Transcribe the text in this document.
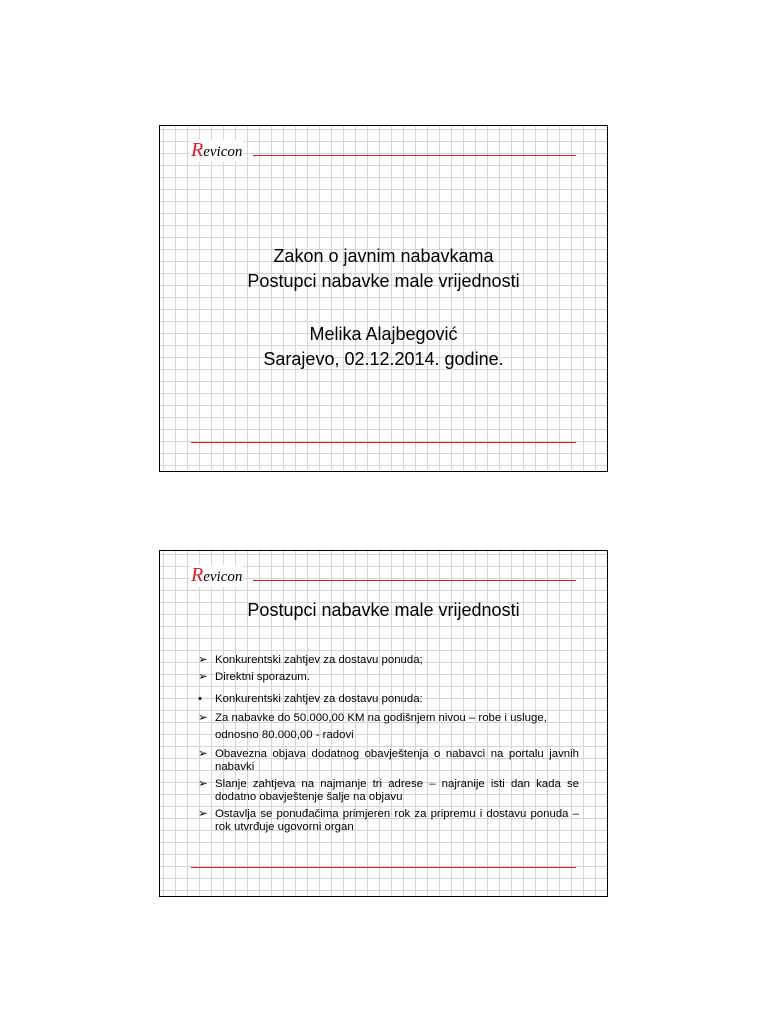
Revicon
Zakon o javnim nabavkama
Postupci nabavke male vrijednosti
Melika Alajbegović
Sarajevo, 02.12.2014. godine.
Revicon
Postupci nabavke male vrijednosti
➢ Konkurentski zahtjev za dostavu ponuda;
➢ Direktni sporazum.
•	Konkurentski zahtjev za dostavu ponuda:
➢ Za nabavke do 50.000,00 KM na godišnjem nivou – robe i usluge, odnosno 80.000,00 - radovi
➢ Obavezna objava dodatnog obavještenja o nabavci na portalu javnih nabavki
➢ Slanje zahtjeva na najmanje tri adrese – najranije isti dan kada se dodatno obavještenje šalje na objavu
➢ Ostavlja se ponuđačima primjeren rok za pripremu i dostavu ponuda – rok utvrđuje ugovorni organ
